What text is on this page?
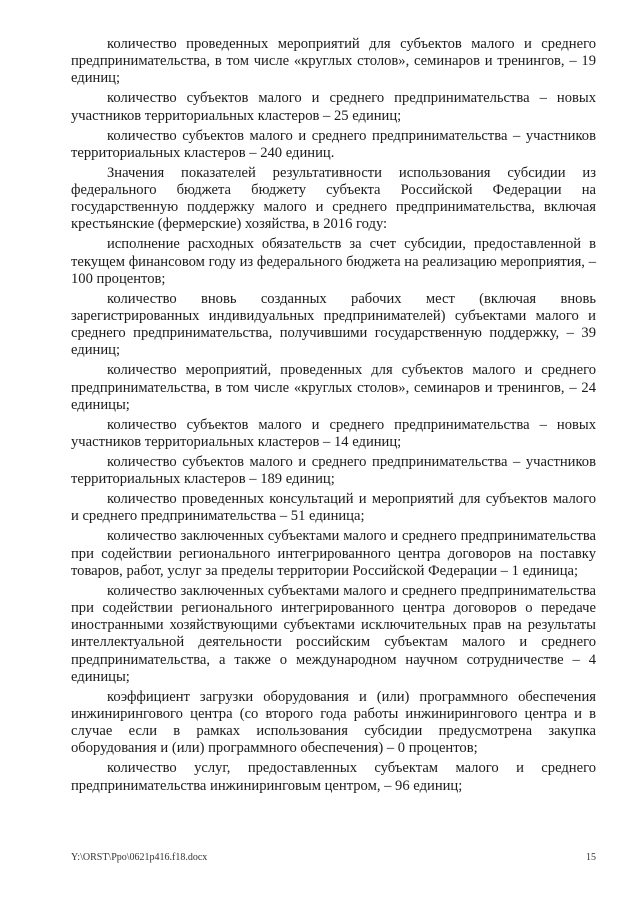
количество проведенных мероприятий для субъектов малого и среднего предпринимательства, в том числе «круглых столов», семинаров и тренингов, – 19 единиц;

количество субъектов малого и среднего предпринимательства – новых участников территориальных кластеров – 25 единиц;

количество субъектов малого и среднего предпринимательства – участников территориальных кластеров – 240 единиц.

Значения показателей результативности использования субсидии из федерального бюджета бюджету субъекта Российской Федерации на государственную поддержку малого и среднего предпринимательства, включая крестьянские (фермерские) хозяйства, в 2016 году:

исполнение расходных обязательств за счет субсидии, предоставленной в текущем финансовом году из федерального бюджета на реализацию мероприятия, – 100 процентов;

количество вновь созданных рабочих мест (включая вновь зарегистрированных индивидуальных предпринимателей) субъектами малого и среднего предпринимательства, получившими государственную поддержку, – 39 единиц;

количество мероприятий, проведенных для субъектов малого и среднего предпринимательства, в том числе «круглых столов», семинаров и тренингов, – 24 единицы;

количество субъектов малого и среднего предпринимательства – новых участников территориальных кластеров – 14 единиц;

количество субъектов малого и среднего предпринимательства – участников территориальных кластеров – 189 единиц;

количество проведенных консультаций и мероприятий для субъектов малого и среднего предпринимательства – 51 единица;

количество заключенных субъектами малого и среднего предпринимательства при содействии регионального интегрированного центра договоров на поставку товаров, работ, услуг за пределы территории Российской Федерации – 1 единица;

количество заключенных субъектами малого и среднего предпринимательства при содействии регионального интегрированного центра договоров о передаче иностранными хозяйствующими субъектами исключительных прав на результаты интеллектуальной деятельности российским субъектам малого и среднего предпринимательства, а также о международном научном сотрудничестве – 4 единицы;

коэффициент загрузки оборудования и (или) программного обеспечения инжинирингового центра (со второго года работы инжинирингового центра и в случае если в рамках использования субсидии предусмотрена закупка оборудования и (или) программного обеспечения) – 0 процентов;

количество услуг, предоставленных субъектам малого и среднего предпринимательства инжиниринговым центром, – 96 единиц;

Y:\ORST\Ppo\0621p416.f18.docx	15
